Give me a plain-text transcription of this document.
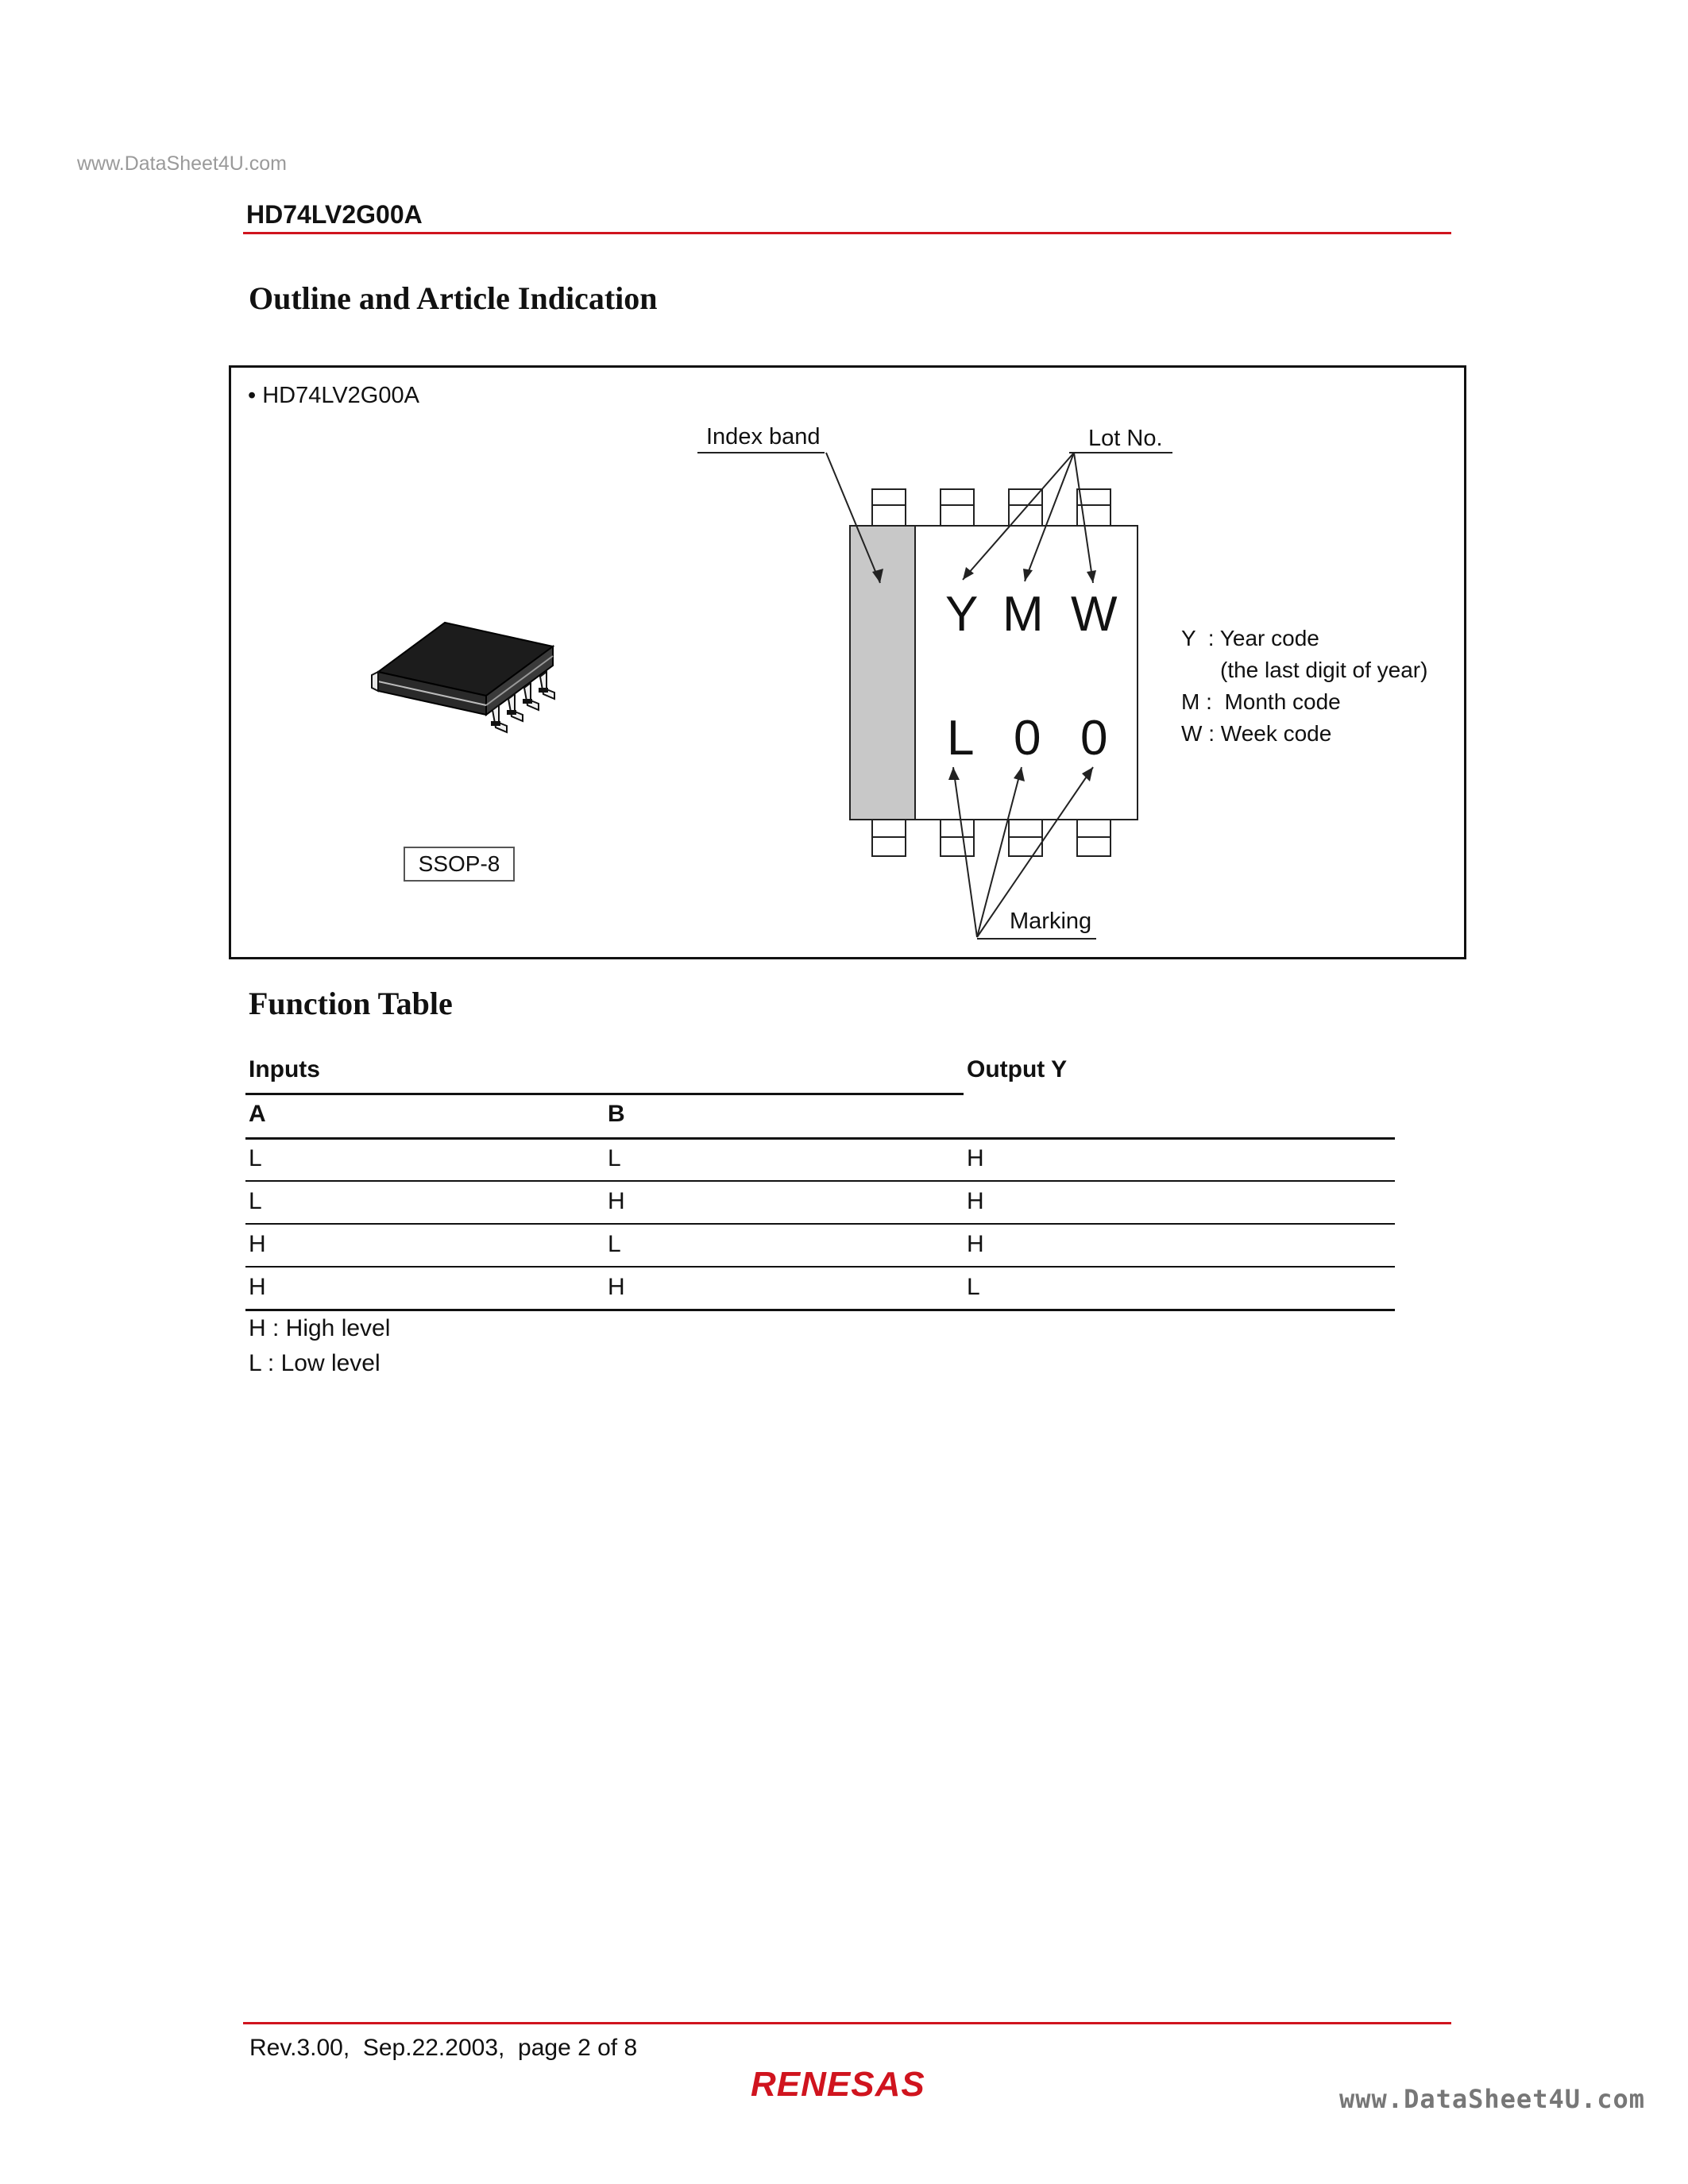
www.DataSheet4U.com
HD74LV2G00A
Outline and Article Indication
• HD74LV2G00A
SSOP-8
Index band	Lot No.
Marking
Y M W
L 0 0
Y  : Year code
(the last digit of year)
M :  Month code
W : Week code
Function Table
Inputs	Output Y
A	B
L	L	H
L	H	H
H	L	H
H	H	L
H : High level
L : Low level
Rev.3.00,  Sep.22.2003,  page 2 of 8
RENESAS	www.DataSheet4U.com
